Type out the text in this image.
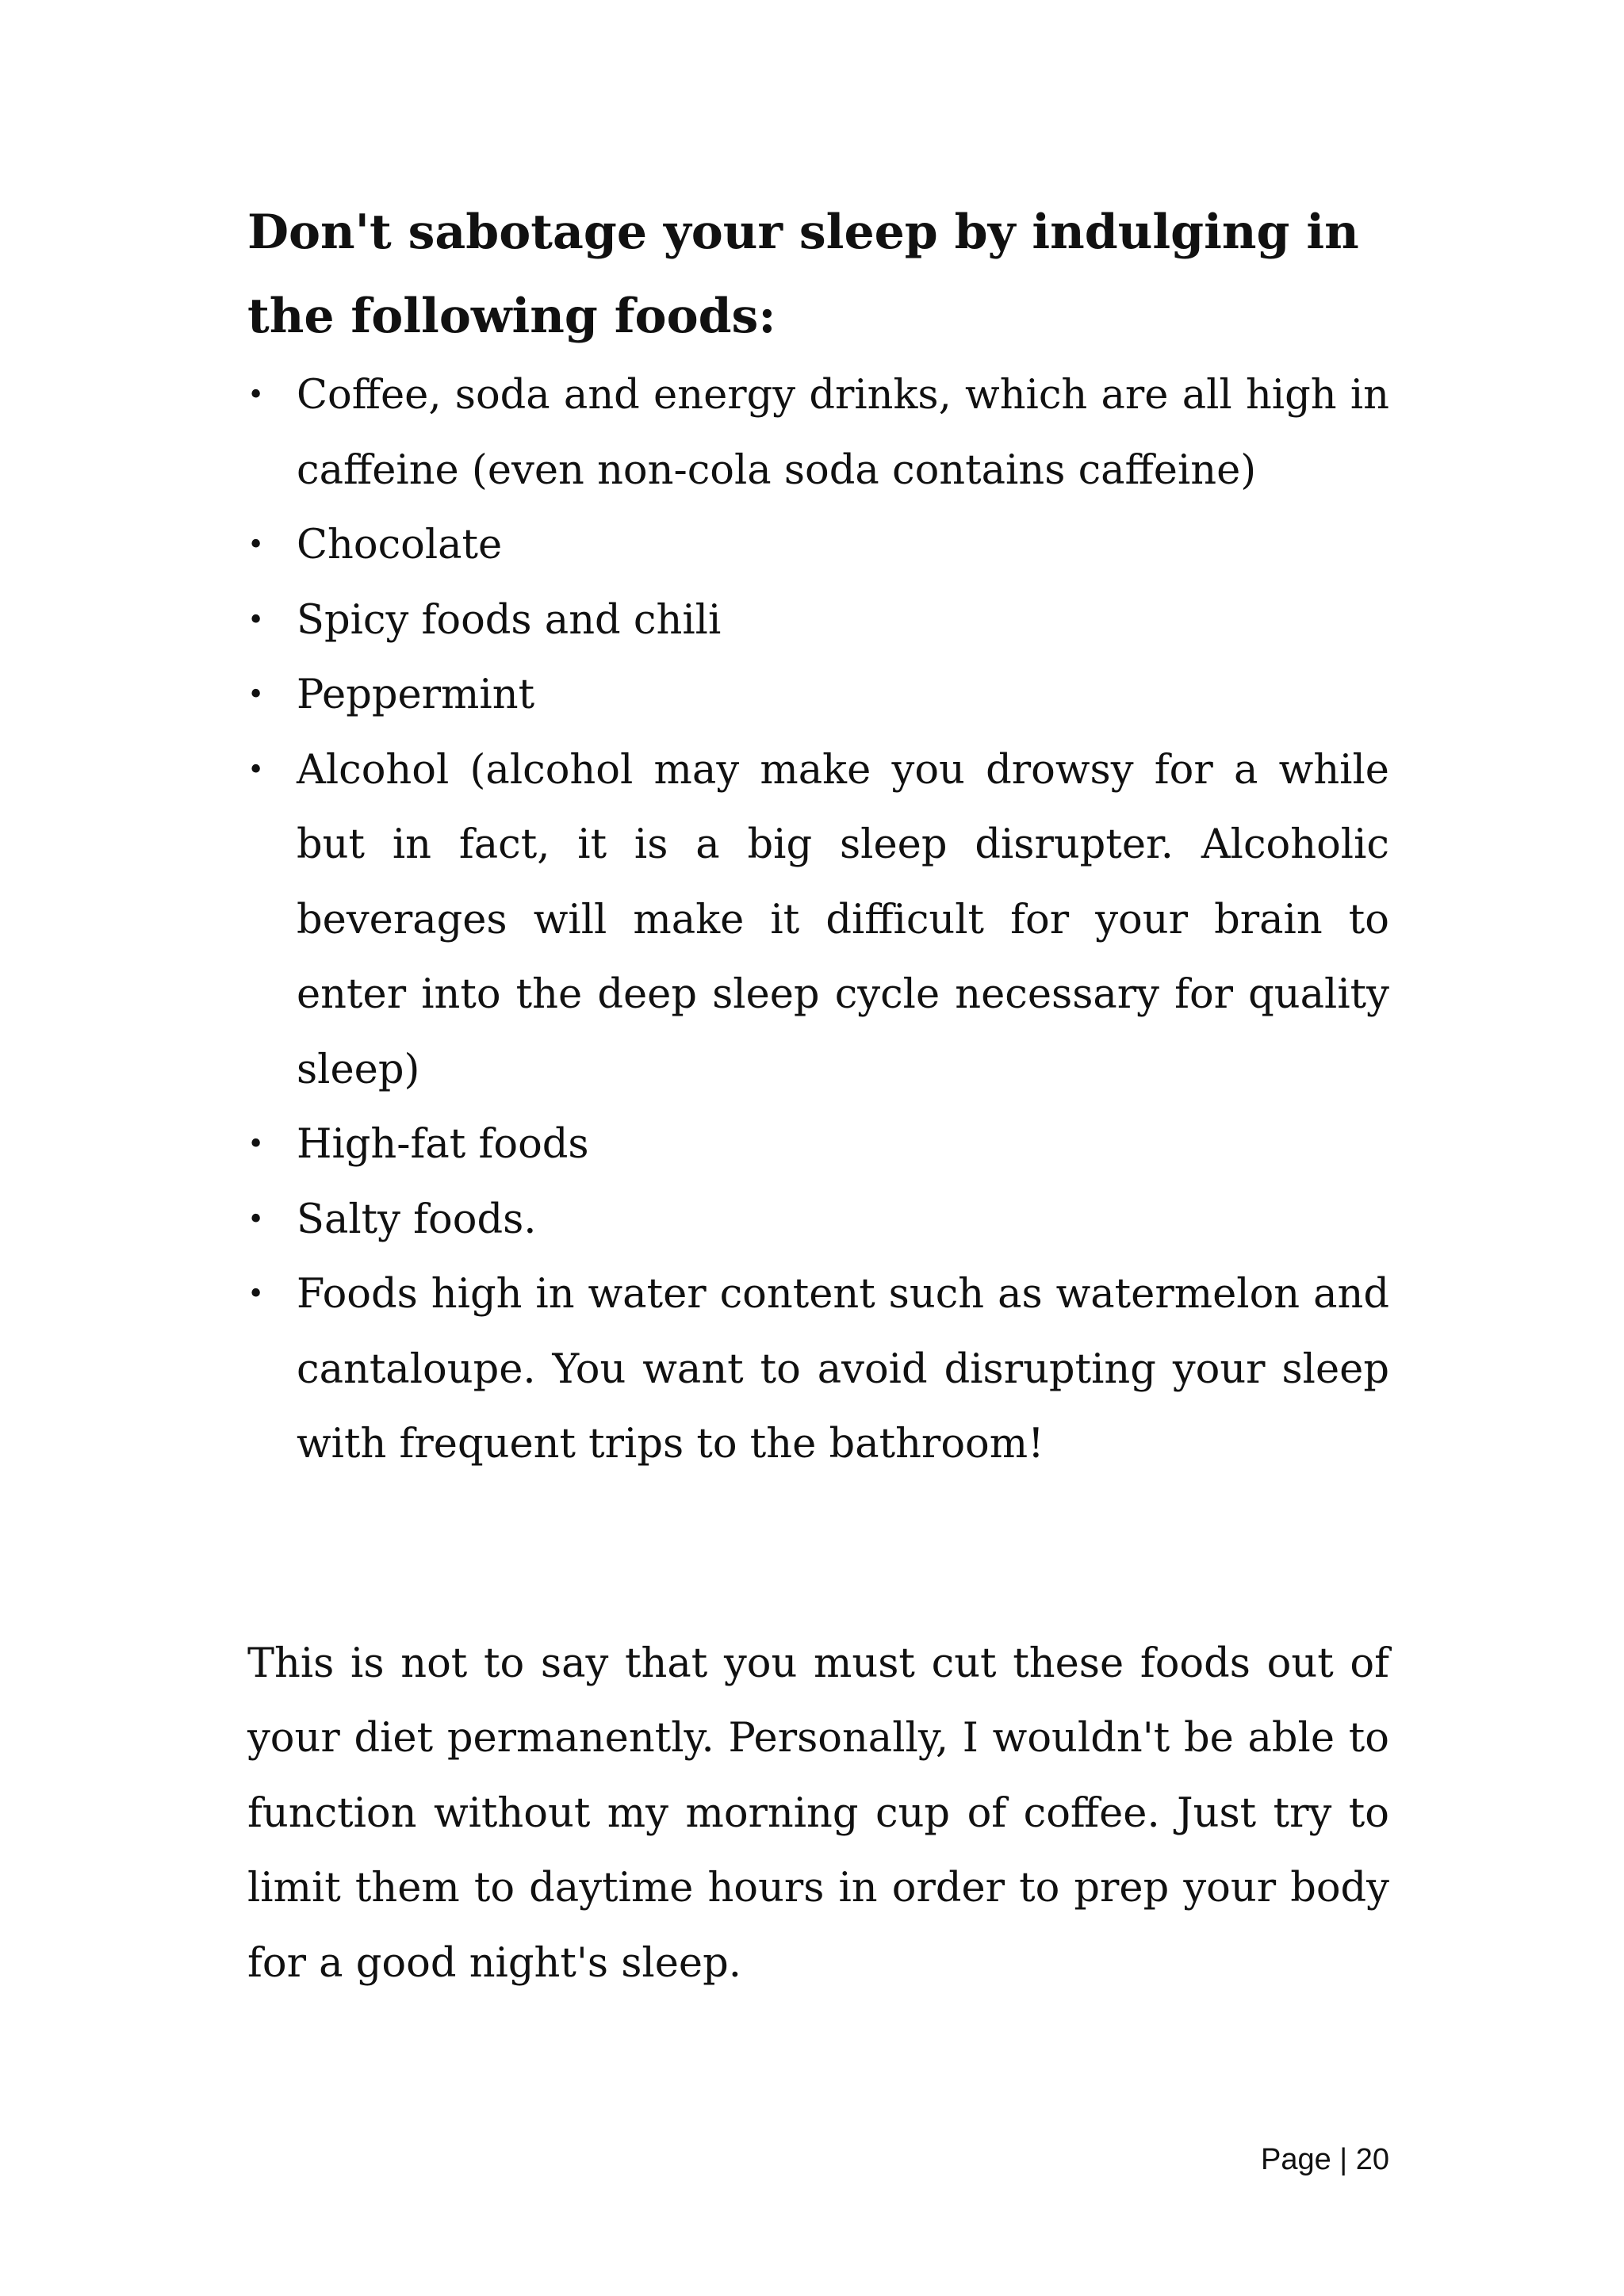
Don't sabotage your sleep by indulging in the following foods:
• Coffee, soda and energy drinks, which are all high in caffeine (even non-cola soda contains caffeine)
• Chocolate
• Spicy foods and chili
• Peppermint
• Alcohol (alcohol may make you drowsy for a while but in fact, it is a big sleep disrupter. Alcoholic beverages will make it difficult for your brain to enter into the deep sleep cycle necessary for quality sleep)
• High-fat foods
• Salty foods.
• Foods high in water content such as watermelon and cantaloupe. You want to avoid disrupting your sleep with frequent trips to the bathroom!

This is not to say that you must cut these foods out of your diet permanently. Personally, I wouldn't be able to function without my morning cup of coffee. Just try to limit them to daytime hours in order to prep your body for a good night's sleep.

Page | 20
